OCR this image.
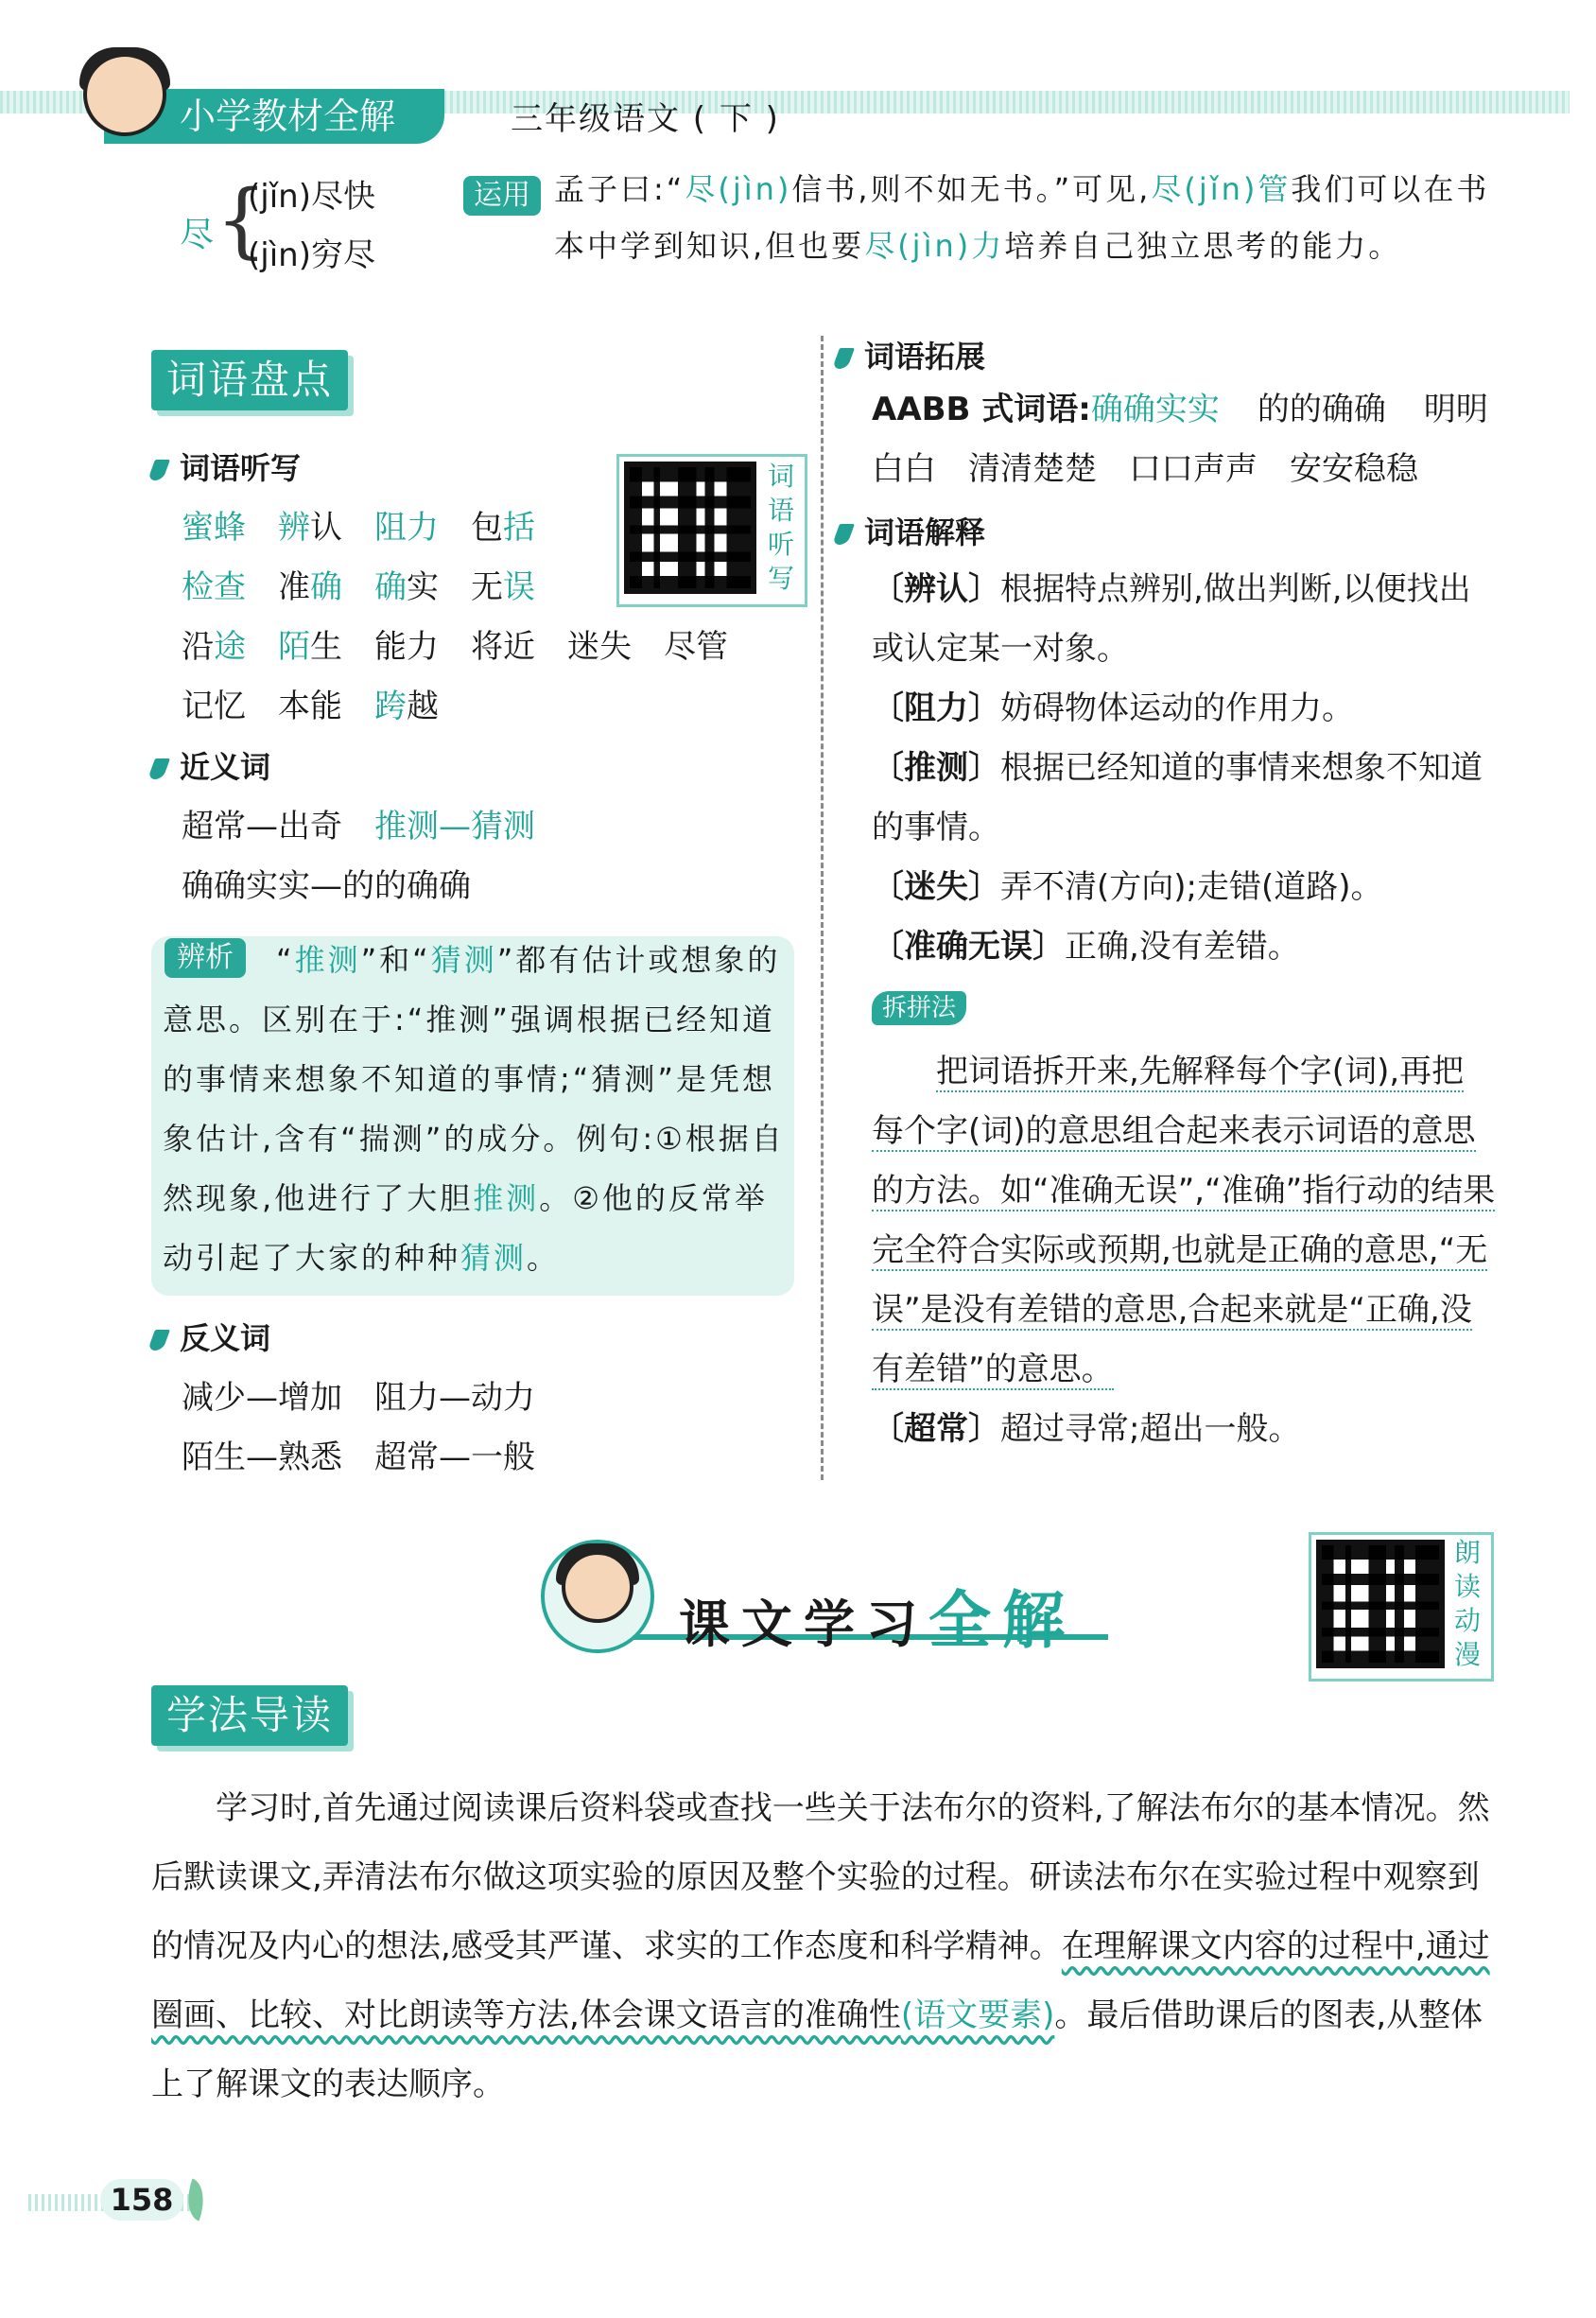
小学教材全解	三年级语文 ( 下 )
尽 {
(jǐn)尽快
(jìn)穷尽
运用 孟子曰:“尽(jìn)信书,则不如无书。”可见,尽(jǐn)管我们可以在书本中学到知识,但也要尽(jìn)力培养自己独立思考的能力。
词语盘点
词语听写
蜜蜂 辨认 阻力 包括
检查 准确 确实 无误
沿途 陌生 能力 将近 迷失 尽管
记忆 本能 跨越
词
语
听
写
近义词
超常—出奇 推测—猜测
确确实实—的的确确
辨析	“推测”和“猜测”都有估计或想象的意思。区别在于:“推测”强调根据已经知道的事情来想象不知道的事情;“猜测”是凭想象估计,含有“揣测”的成分。例句:①根据自然现象,他进行了大胆推测。②他的反常举动引起了大家的种种猜测。
反义词
减少—增加 阻力—动力
陌生—熟悉 超常—一般
词语拓展
AABB 式词语:确确实实 的的确确 明明
白白 清清楚楚 口口声声 安安稳稳
词语解释
〔辨认〕根据特点辨别,做出判断,以便找出或认定某一对象。
〔阻力〕妨碍物体运动的作用力。
〔推测〕根据已经知道的事情来想象不知道的事情。
〔迷失〕弄不清(方向);走错(道路)。
〔准确无误〕正确,没有差错。
拆拼法
把词语拆开来,先解释每个字(词),再把每个字(词)的意思组合起来表示词语的意思的方法。如“准确无误”,“准确”指行动的结果完全符合实际或预期,也就是正确的意思,“无误”是没有差错的意思,合起来就是“正确,没有差错”的意思。
〔超常〕超过寻常;超出一般。
课文学习全解
朗
读
动
漫
学法导读
学习时,首先通过阅读课后资料袋或查找一些关于法布尔的资料,了解法布尔的基本情况。然后默读课文,弄清法布尔做这项实验的原因及整个实验的过程。研读法布尔在实验过程中观察到的情况及内心的想法,感受其严谨、求实的工作态度和科学精神。在理解课文内容的过程中,通过圈画、比较、对比朗读等方法,体会课文语言的准确性(语文要素)。最后借助课后的图表,从整体上了解课文的表达顺序。
158
